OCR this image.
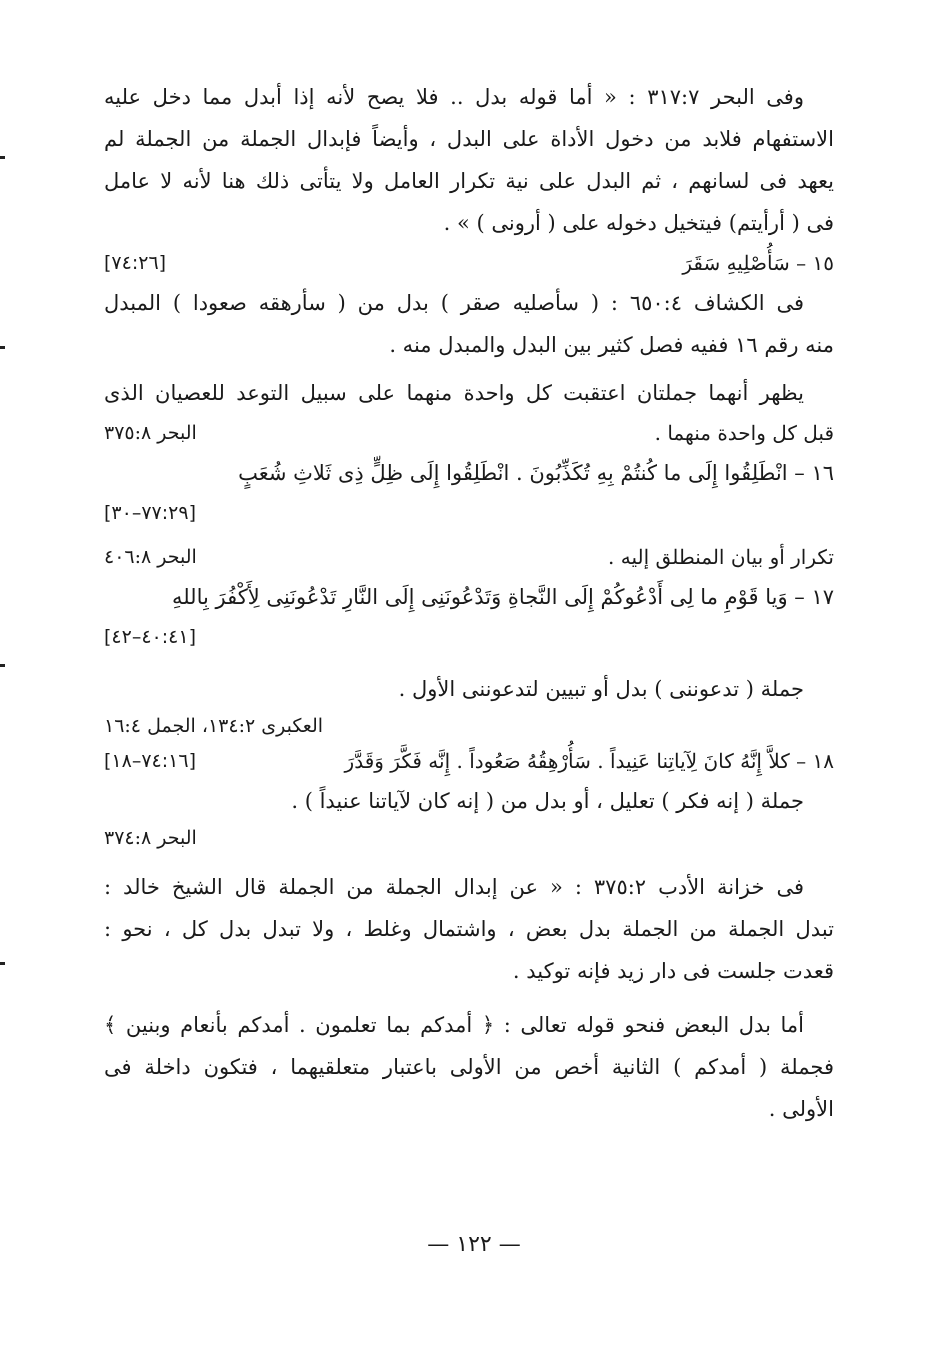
وفى البحر ٣١٧:٧ : « أما قوله بدل .. فلا يصح لأنه إذا أبدل مما دخل عليه
الاستفهام فلابد من دخول الأداة على البدل ، وأيضاً فإبدال الجملة من الجملة لم
يعهد فى لسانهم ، ثم البدل على نية تكرار العامل ولا يتأتى ذلك هنا لأنه لا عامل
فى ( أرأيتم) فيتخيل دخوله على ( أرونى ) » .
١٥ – سَأُصْلِيهِ سَقَرَ
[٧٤:٢٦]
فى الكشاف ٦٥٠:٤ : ( سأصليه صقر ) بدل من ( سأرهقه صعودا ) المبدل
منه رقم ١٦ ففيه فصل كثير بين البدل والمبدل منه .
يظهر أنهما جملتان اعتقبت كل واحدة منهما على سبيل التوعد للعصيان الذى
قبل كل واحدة منهما .
البحر ٣٧٥:٨
١٦ – انْطَلِقُوا إِلَى ما كُنتُمْ بِهِ تُكَذِّبُونَ . انْطَلِقُوا إِلَى ظِلٍّ ذِى ثَلاثِ شُعَبٍ
[٧٧:٢٩–٣٠]
تكرار أو بيان المنطلق إليه .
البحر ٤٠٦:٨
١٧ – وَيا قَوْمِ ما لِى أَدْعُوكُمْ إِلَى النَّجاةِ وَتَدْعُونَنِى إِلَى النَّارِ تَدْعُونَنِى لِأَكْفُرَ بِاللهِ
[٤٠:٤١–٤٢]
جملة ( تدعوننى ) بدل أو تبيين لتدعوننى الأول .
العكبرى ١٣٤:٢، الجمل ١٦:٤
١٨ – كلاَّ إِنَّهُ كانَ لِآياتِنا عَنِيداً . سَأُرْهِقُهُ صَعُوداً . إِنَّه فَكَّرَ وَقَدَّرَ
[٧٤:١٦–١٨]
جملة ( إنه فكر ) تعليل ، أو بدل من ( إنه كان لآياتنا عنيداً ) .
البحر ٣٧٤:٨
فى خزانة الأدب ٣٧٥:٢ : « عن إبدال الجملة من الجملة قال الشيخ خالد :
تبدل الجملة من الجملة بدل بعض ، واشتمال وغلط ، ولا تبدل بدل كل ، نحو :
قعدت جلست فى دار زيد فإنه توكيد .
أما بدل البعض فنحو قوله تعالى : ﴿ أمدكم بما تعلمون . أمدكم بأنعام وبنين ﴾
فجملة ( أمدكم ) الثانية أخص من الأولى باعتبار متعلقيهما ، فتكون داخلة فى
الأولى .
— ١٢٢ —
